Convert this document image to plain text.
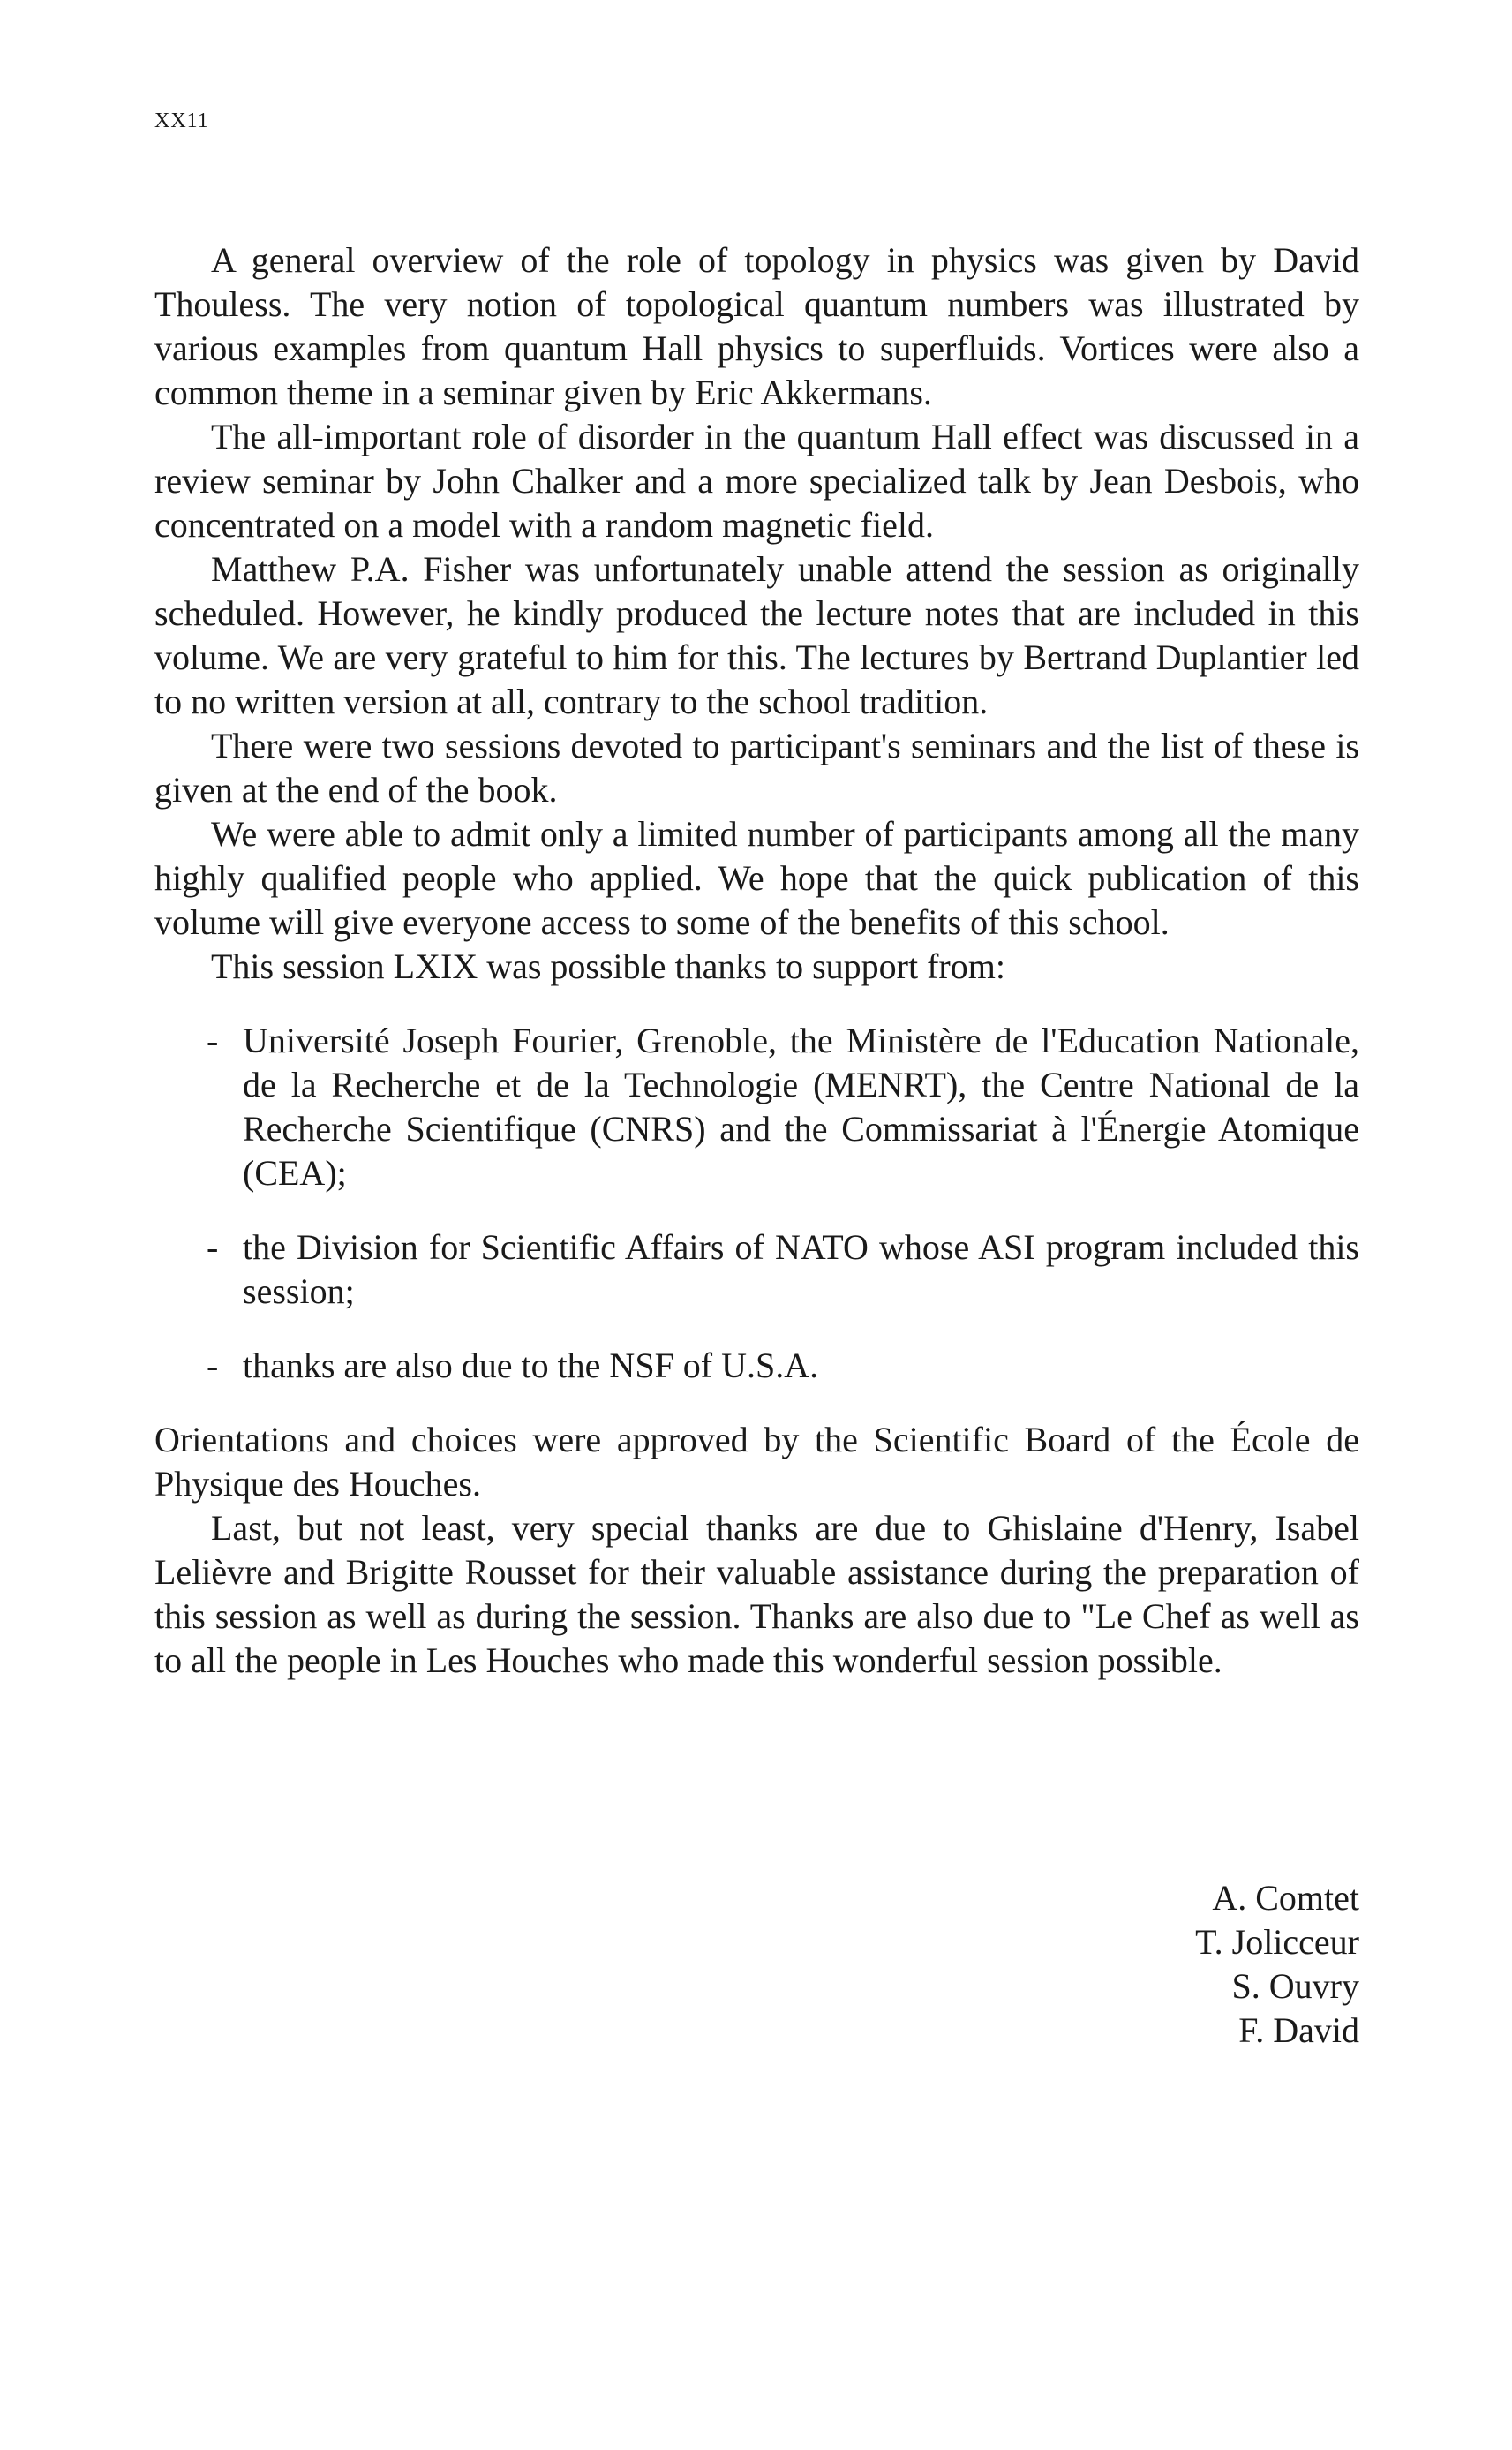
XX11

A general overview of the role of topology in physics was given by David Thouless. The very notion of topological quantum numbers was illustrated by various examples from quantum Hall physics to superfluids. Vortices were also a common theme in a seminar given by Eric Akkermans.

The all-important role of disorder in the quantum Hall effect was discussed in a review seminar by John Chalker and a more specialized talk by Jean Desbois, who concentrated on a model with a random magnetic field.

Matthew P.A. Fisher was unfortunately unable attend the session as originally scheduled. However, he kindly produced the lecture notes that are included in this volume. We are very grateful to him for this. The lectures by Bertrand Duplantier led to no written version at all, contrary to the school tradition.

There were two sessions devoted to participant's seminars and the list of these is given at the end of the book.

We were able to admit only a limited number of participants among all the many highly qualified people who applied. We hope that the quick publication of this volume will give everyone access to some of the benefits of this school.

This session LXIX was possible thanks to support from:

- Université Joseph Fourier, Grenoble, the Ministère de l'Education Nationale, de la Recherche et de la Technologie (MENRT), the Centre National de la Recherche Scientifique (CNRS) and the Commissariat à l'Énergie Atomique (CEA);
- the Division for Scientific Affairs of NATO whose ASI program included this session;
- thanks are also due to the NSF of U.S.A.

Orientations and choices were approved by the Scientific Board of the École de Physique des Houches.

Last, but not least, very special thanks are due to Ghislaine d'Henry, Isabel Lelièvre and Brigitte Rousset for their valuable assistance during the preparation of this session as well as during the session. Thanks are also due to "Le Chef as well as to all the people in Les Houches who made this wonderful session possible.

A. Comtet
T. Jolicceur
S. Ouvry
F. David
